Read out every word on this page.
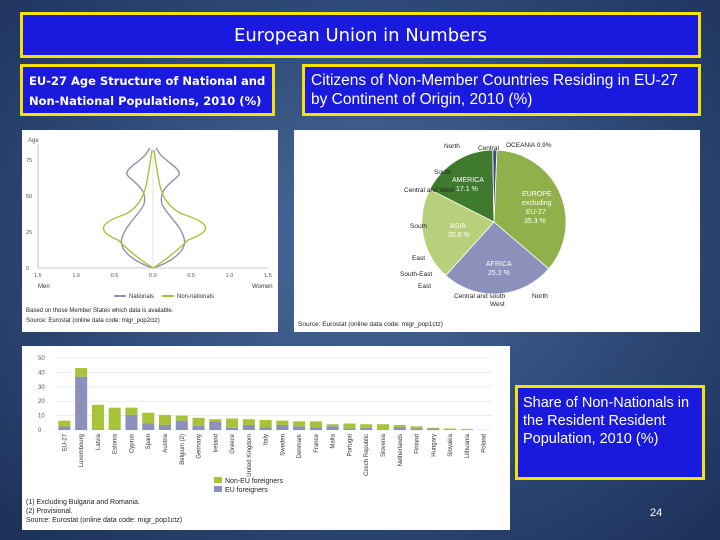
European Union in Numbers
EU-27 Age Structure of National and Non-National Populations, 2010 (%)
Citizens of Non-Member Countries Residing in EU-27 by Continent of Origin, 2010 (%)
Age
75
50
25
0
1.5	1.0	0.5	0.0	0.5	1.0	1.5
Men	Women
Nationals	Non-nationals
Based on those Member States which data is available.
Source: Eurostat (online data code: migr_pop2ctz)
North	Central
South
Central and West
South
East
South-East
East
Central and south
West
North
OCEANIA 0.9%
EUROPE
excluding
EU-27
35.3 %
AFRICA
25.2 %
ASIA
20.6 %
AMERICA
17.1 %
Source: Eurostat (online data code: migr_pop1ctz)
0
10
20
30
40
50
EU-27 Luxembourg Latvia Estonia Cyprus Spain Austria Belgium (2) Germany Ireland Greece United Kingdom Italy Sweden Denmark France Malta Portugal Czech Republic Slovenia Netherlands Finland Hungary Slovakia Lithuania Poland
Non-EU foreigners
EU foreigners
(1) Excluding Bulgaria and Romania.
(2) Provisional.
Source: Eurostat (online data code: migr_pop1ctz)
Share of Non-Nationals in the Resident Resident Population, 2010 (%)
24
